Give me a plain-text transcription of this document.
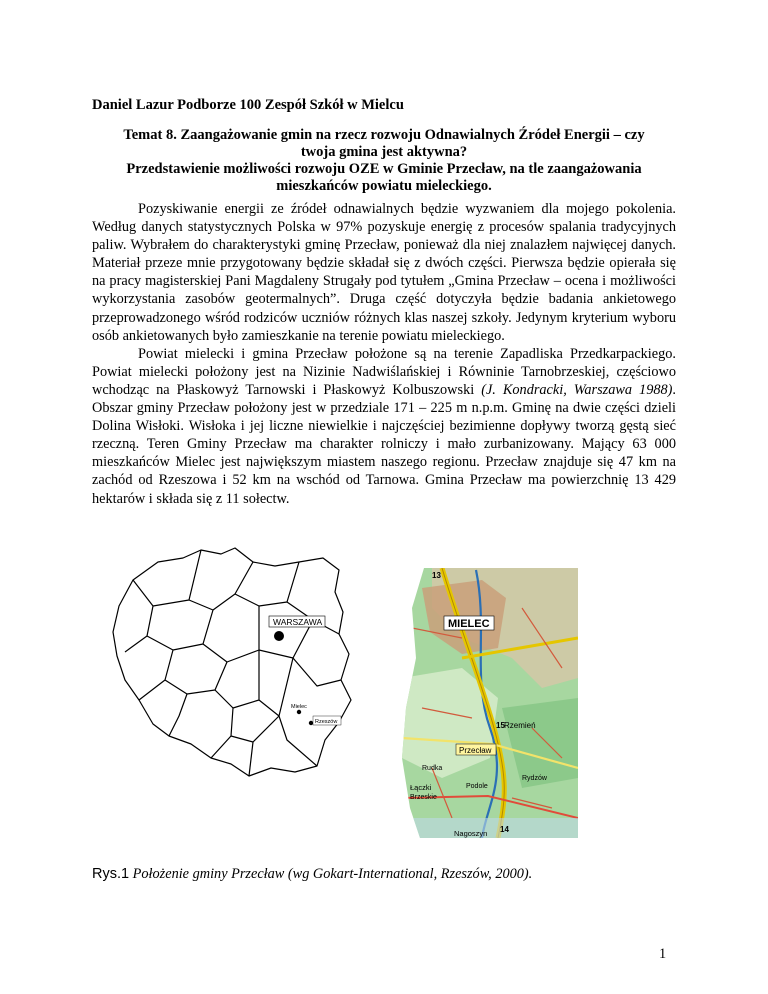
Daniel Lazur Podborze 100 Zespół Szkół w Mielcu
Temat 8. Zaangażowanie gmin na rzecz rozwoju Odnawialnych Źródeł Energii – czy
twoja gmina jest aktywna?
Przedstawienie możliwości rozwoju OZE w Gminie Przecław, na tle zaangażowania
mieszkańców powiatu mieleckiego.

Pozyskiwanie energii ze źródeł odnawialnych będzie wyzwaniem dla mojego pokolenia. Według danych statystycznych Polska w 97% pozyskuje energię z procesów spalania tradycyjnych paliw. Wybrałem do charakterystyki gminę Przecław, ponieważ dla niej znalazłem najwięcej danych. Materiał przeze mnie przygotowany będzie składał się z dwóch części. Pierwsza będzie opierała się na pracy magisterskiej Pani Magdaleny Strugały pod tytułem „Gmina Przecław – ocena i możliwości wykorzystania zasobów geotermalnych”. Druga część dotyczyła będzie badania ankietowego przeprowadzonego wśród rodziców uczniów różnych klas naszej szkoły. Jedynym kryterium wyboru osób ankietowanych było zamieszkanie na terenie powiatu mieleckiego.

Powiat mielecki i gmina Przecław położone są na terenie Zapadliska Przedkarpackiego. Powiat mielecki położony jest na Nizinie Nadwiślańskiej i Równinie Tarnobrzeskiej, częściowo wchodząc na Płaskowyż Tarnowski i Płaskowyż Kolbuszowski (J. Kondracki, Warszawa 1988). Obszar gminy Przecław położony jest w przedziale 171 – 225 m n.p.m. Gminę na dwie części dzieli Dolina Wisłoki. Wisłoka i jej liczne niewielkie i najczęściej bezimienne dopływy tworzą gęstą sieć rzeczną. Teren Gminy Przecław ma charakter rolniczy i mało zurbanizowany. Mający 63 000 mieszkańców Mielec jest największym miastem naszego regionu. Przecław znajduje się 47 km na zachód od Rzeszowa i 52 km na wschód od Tarnowa. Gmina Przecław ma powierzchnię 13 429 hektarów i składa się z 11 sołectw.

WARSZAWA
Mielec
Rzeszów
MIELEC
Przecław
Rzemień
Łączki
Brzeskie
Rudka
Podole
Rydzów
Nagoszyn
13
15
14
Rys.1 Położenie gminy Przecław (wg Gokart-International, Rzeszów, 2000).
1
